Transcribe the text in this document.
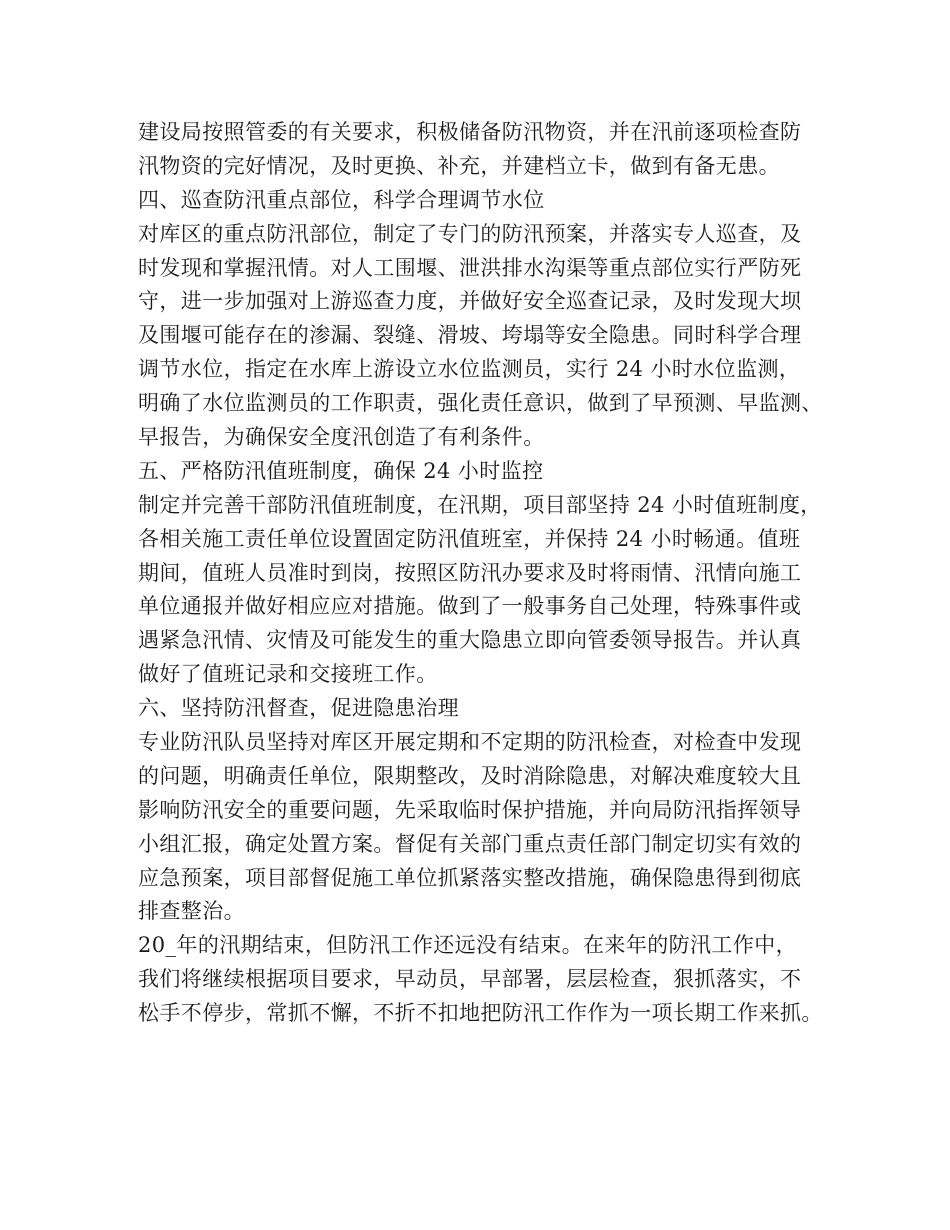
建设局按照管委的有关要求，积极储备防汛物资，并在汛前逐项检查防
汛物资的完好情况，及时更换、补充，并建档立卡，做到有备无患。
四、巡查防汛重点部位，科学合理调节水位
对库区的重点防汛部位，制定了专门的防汛预案，并落实专人巡查，及
时发现和掌握汛情。对人工围堰、泄洪排水沟渠等重点部位实行严防死
守，进一步加强对上游巡查力度，并做好安全巡查记录，及时发现大坝
及围堰可能存在的渗漏、裂缝、滑坡、垮塌等安全隐患。同时科学合理
调节水位，指定在水库上游设立水位监测员，实行 24 小时水位监测，
明确了水位监测员的工作职责，强化责任意识，做到了早预测、早监测、
早报告，为确保安全度汛创造了有利条件。
五、严格防汛值班制度，确保 24 小时监控
制定并完善干部防汛值班制度，在汛期，项目部坚持 24 小时值班制度，
各相关施工责任单位设置固定防汛值班室，并保持 24 小时畅通。值班
期间，值班人员准时到岗，按照区防汛办要求及时将雨情、汛情向施工
单位通报并做好相应应对措施。做到了一般事务自己处理，特殊事件或
遇紧急汛情、灾情及可能发生的重大隐患立即向管委领导报告。并认真
做好了值班记录和交接班工作。
六、坚持防汛督查，促进隐患治理
专业防汛队员坚持对库区开展定期和不定期的防汛检查，对检查中发现
的问题，明确责任单位，限期整改，及时消除隐患，对解决难度较大且
影响防汛安全的重要问题，先采取临时保护措施，并向局防汛指挥领导
小组汇报，确定处置方案。督促有关部门重点责任部门制定切实有效的
应急预案，项目部督促施工单位抓紧落实整改措施，确保隐患得到彻底
排查整治。
20_年的汛期结束，但防汛工作还远没有结束。在来年的防汛工作中，
我们将继续根据项目要求，早动员，早部署，层层检查，狠抓落实，不
松手不停步，常抓不懈，不折不扣地把防汛工作作为一项长期工作来抓。
